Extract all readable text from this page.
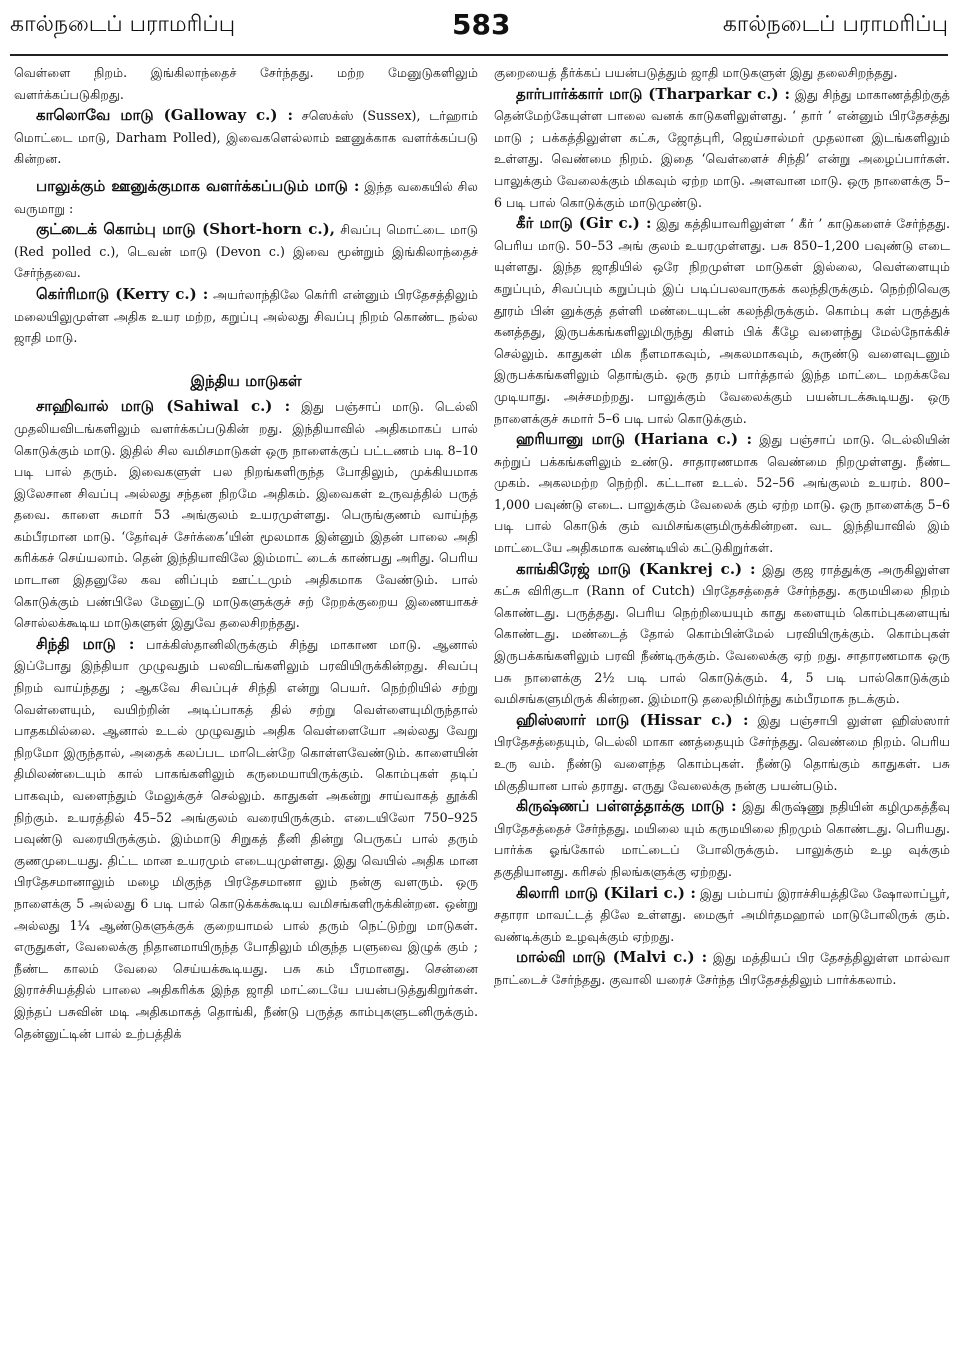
கால்நடைப் பராமரிப்பு	583	கால்நடைப் பராமரிப்பு

வெள்ளை நிறம். இங்கிலாந்தைச் சேர்ந்தது. மற்ற மேனுடுகளிலும் வளர்க்கப்படுகிறது.

காலொவே மாடு (Galloway c.) : சஸெக்ஸ் (Sussex), டர்ஹாம் மொட்டை மாடு, Darham Polled), இவைகளெல்லாம் ஊனுக்காக வளர்க்கப்படு கின்றன.

பாலுக்கும் ஊனுக்குமாக வளர்க்கப்படும் மாடு : இந்த வகையில் சில வருமாறு :

குட்டைக் கொம்பு மாடு (Short-horn c.), சிவப்பு மொட்டை மாடு (Red polled c.), டெவன் மாடு (Devon c.) இவை மூன்றும் இங்கிலாந்தைச் சேர்ந்தவை.

கெர்ரிமாடு (Kerry c.) : அயர்லாந்திலே கெர்ரி என்னும் பிரதேசத்திலும் மலையிலுமுள்ள அதிக உயர மற்ற, கறுப்பு அல்லது சிவப்பு நிறம் கொண்ட நல்ல ஜாதி மாடு.

இந்திய மாடுகள்

சாஹிவால் மாடு (Sahiwal c.) : இது பஞ்சாப் மாடு. டெல்லி முதலியவிடங்களிலும் வளர்க்கப்படுகின் றது. இந்தியாவில் அதிகமாகப் பால் கொடுக்கும் மாடு. இதில் சில வமிசமாடுகள் ஒரு நாளைக்குப் பட்டணம் படி 8–10 படி பால் தரும். இவைகளுள் பல நிறங்களிருந்த போதிலும், முக்கியமாக இலேசான சிவப்பு அல்லது சந்தன நிறமே அதிகம். இவைகள் உருவத்தில் பருத் தவை. காளை சுமார் 53 அங்குலம் உயரமுள்ளது. பெருங்குணம் வாய்ந்த கம்பீரமான மாடு. ‘தேர்வுச் சேர்க்கை’யின் மூலமாக இன்னும் இதன் பாலை அதி கரிக்கச் செய்யலாம். தென் இந்தியாவிலே இம்மாட் டைக் காண்பது அரிது. பெரிய மாடான இதனுலே கவ னிப்பும் ஊட்டமும் அதிகமாக வேண்டும். பால் கொடுக்கும் பண்பிலே மேனுட்டு மாடுகளுக்குச் சற் றேறக்குறைய இணையாகச் சொல்லக்கூடிய மாடுகளுள் இதுவே தலைசிறந்தது.

சிந்தி மாடு : பாக்கிஸ்தானிலிருக்கும் சிந்து மாகாண மாடு. ஆனால் இப்போது இந்தியா முழுவதும் பலவிடங்களிலும் பரவியிருக்கின்றது. சிவப்பு நிறம் வாய்ந்தது ; ஆகவே சிவப்புச் சிந்தி என்று பெயர். நெற்றியில் சற்று வெள்ளையும், வயிற்றின் அடிப்பாகத் தில் சற்று வெள்ளையுமிருந்தால் பாதகமில்லை. ஆனால் உடல் முழுவதும் அதிக வெள்ளையோ அல்லது வேறு நிறமோ இருந்தால், அதைக் கலப்பட மாடென்றே கொள்ளவேண்டும். காளையின் திமிலண்டையும் கால் பாகங்களிலும் கருமையாயிருக்கும். கொம்புகள் தடிப் பாகவும், வளைந்தும் மேலுக்குச் செல்லும். காதுகள் அகன்று சாய்வாகத் தூக்கி நிற்கும். உயரத்தில் 45–52 அங்குலம் வரையிருக்கும். எடையிலோ 750–925 பவுண்டு வரையிருக்கும். இம்மாடு சிறுகத் தீனி தின்று பெருகப் பால் தரும் குணமுடையது. திட்ட மான உயரமும் எடையுமுள்ளது. இது வெயில் அதிக மான பிரதேசமானாலும் மழை மிகுந்த பிரதேசமானா லும் நன்கு வளரும். ஒரு நாளைக்கு 5 அல்லது 6 படி பால் கொடுக்கக்கூடிய வமிசங்களிருக்கின்றன. ஒன்று அல்லது 1¼ ஆண்டுகளுக்குக் குறையாமல் பால் தரும் நெட்டுற்று மாடுகள். எருதுகள், வேலைக்கு நிதானமாயிருந்த போதிலும் மிகுந்த பளுவை இழுக் கும் ; நீண்ட காலம் வேலை செய்யக்கூடியது. பசு கம் பீரமானது. சென்னை இராச்சியத்தில் பாலை அதிகரிக்க இந்த ஜாதி மாட்டையே பயன்படுத்துகிறுர்கள். இந்தப் பசுவின் மடி அதிகமாகத் தொங்கி, நீண்டு பருத்த காம்புகளுடனிருக்கும். தென்னுட்டின் பால் உற்பத்திக்

குறையைத் தீர்க்கப் பயன்படுத்தும் ஜாதி மாடுகளுள் இது தலைசிறந்தது.

தார்பார்க்கார் மாடு (Tharparkar c.) : இது சிந்து மாகாணத்திற்குத் தென்மேற்கேயுள்ள பாலை வனக் காடுகளிலுள்ளது. ‘ தார் ’ என்னும் பிரதேசத்து மாடு ; பக்கத்திலுள்ள கட்சு, ஜோத்புரி, ஜெய்சால்மர் முதலான இடங்களிலும் உள்ளது. வெண்மை நிறம். இதை ‘வெள்ளைச் சிந்தி’ என்று அழைப்பார்கள். பாலுக்கும் வேலைக்கும் மிகவும் ஏற்ற மாடு. அளவான மாடு. ஒரு நாளைக்கு 5–6 படி பால் கொடுக்கும் மாடுமுண்டு.

கீர் மாடு (Gir c.) : இது கத்தியாவரிலுள்ள ‘ கீர் ’ காடுகளைச் சேர்ந்தது. பெரிய மாடு. 50–53 அங் குலம் உயரமுள்ளது. பசு 850–1,200 பவுண்டு எடை யுள்ளது. இந்த ஜாதியில் ஒரே நிறமுள்ள மாடுகள் இல்லை, வெள்ளையும் கறுப்பும், சிவப்பும் கறுப்பும் இப் படிப்பலவாருகக் கலந்திருக்கும். நெற்றிவெகு தூரம் பின் னுக்குத் தள்ளி மண்டையுடன் கலந்திருக்கும். கொம்பு கள் பருத்துக் கனத்தது, இருபக்கங்களிலுமிருந்து கிளம் பிக் கீழே வளைந்து மேல்நோக்கிச் செல்லும். காதுகள் மிக நீளமாகவும், அகலமாகவும், சுருண்டு வளைவுடனும் இருபக்கங்களிலும் தொங்கும். ஒரு தரம் பார்த்தால் இந்த மாட்டை மறக்கவே முடியாது. அச்சமற்றது. பாலுக்கும் வேலைக்கும் பயன்படக்கூடியது. ஒரு நாளைக்குச் சுமார் 5–6 படி பால் கொடுக்கும்.

ஹரியானு மாடு (Hariana c.) : இது பஞ்சாப் மாடு. டெல்லியின் சுற்றுப் பக்கங்களிலும் உண்டு. சாதாரணமாக வெண்மை நிறமுள்ளது. நீண்ட முகம். அகலமற்ற நெற்றி. கட்டான உடல். 52–56 அங்குலம் உயரம். 800–1,000 பவுண்டு எடை. பாலுக்கும் வேலைக் கும் ஏற்ற மாடு. ஒரு நாளைக்கு 5–6 படி பால் கொடுக் கும் வமிசங்களுமிருக்கின்றன. வட இந்தியாவில் இம் மாட்டையே அதிகமாக வண்டியில் கட்டுகிறுர்கள்.

காங்கிரேஜ் மாடு (Kankrej c.) : இது குஜ ராத்துக்கு அருகிலுள்ள கட்சு விரிகுடா (Rann of Cutch) பிரதேசத்தைச் சேர்ந்தது. கருமயிலை நிறம் கொண்டது. பருத்தது. பெரிய நெற்றியையும் காது களையும் கொம்புகளையுங் கொண்டது. மண்டைத் தோல் கொம்பின்மேல் பரவியிருக்கும். கொம்புகள் இருபக்கங்களிலும் பரவி நீண்டிருக்கும். வேலைக்கு ஏற் றது. சாதாரணமாக ஒரு பசு நாளைக்கு 2½ படி பால் கொடுக்கும். 4, 5 படி பால்கொடுக்கும் வமிசங்களுமிருக் கின்றன. இம்மாடு தலைநிமிர்ந்து கம்பீரமாக நடக்கும்.

ஹிஸ்ஸார் மாடு (Hissar c.) : இது பஞ்சாபி லுள்ள ஹிஸ்ஸார் பிரதேசத்தையும், டெல்லி மாகா ணத்தையும் சேர்ந்தது. வெண்மை நிறம். பெரிய உரு வம். நீண்டு வளைந்த கொம்புகள். நீண்டு தொங்கும் காதுகள். பசு மிகுதியான பால் தராது. எருது வேலைக்கு நன்கு பயன்படும்.

கிருஷ்ணப் பள்ளத்தாக்கு மாடு : இது கிருஷ்ணு நதியின் கழிமுகத்தீவு பிரதேசத்தைச் சேர்ந்தது. மயிலை யும் கருமயிலை நிறமும் கொண்டது. பெரியது. பார்க்க ஓங்கோல் மாட்டைப் போலிருக்கும். பாலுக்கும் உழ வுக்கும் தகுதியானது. கரிசல் நிலங்களுக்கு ஏற்றது.

கிலாரி மாடு (Kilari c.) : இது பம்பாய் இராச்சியத்திலே ஷோலாப்பூர், சதாரா மாவட்டத் திலே உள்ளது. மைசூர் அமிர்தமஹால் மாடுபோலிருக் கும். வண்டிக்கும் உழவுக்கும் ஏற்றது.

மால்வி மாடு (Malvi c.) : இது மத்தியப் பிர தேசத்திலுள்ள மால்வா நாட்டைச் சேர்ந்தது. குவாலி யரைச் சேர்ந்த பிரதேசத்திலும் பார்க்கலாம்.
